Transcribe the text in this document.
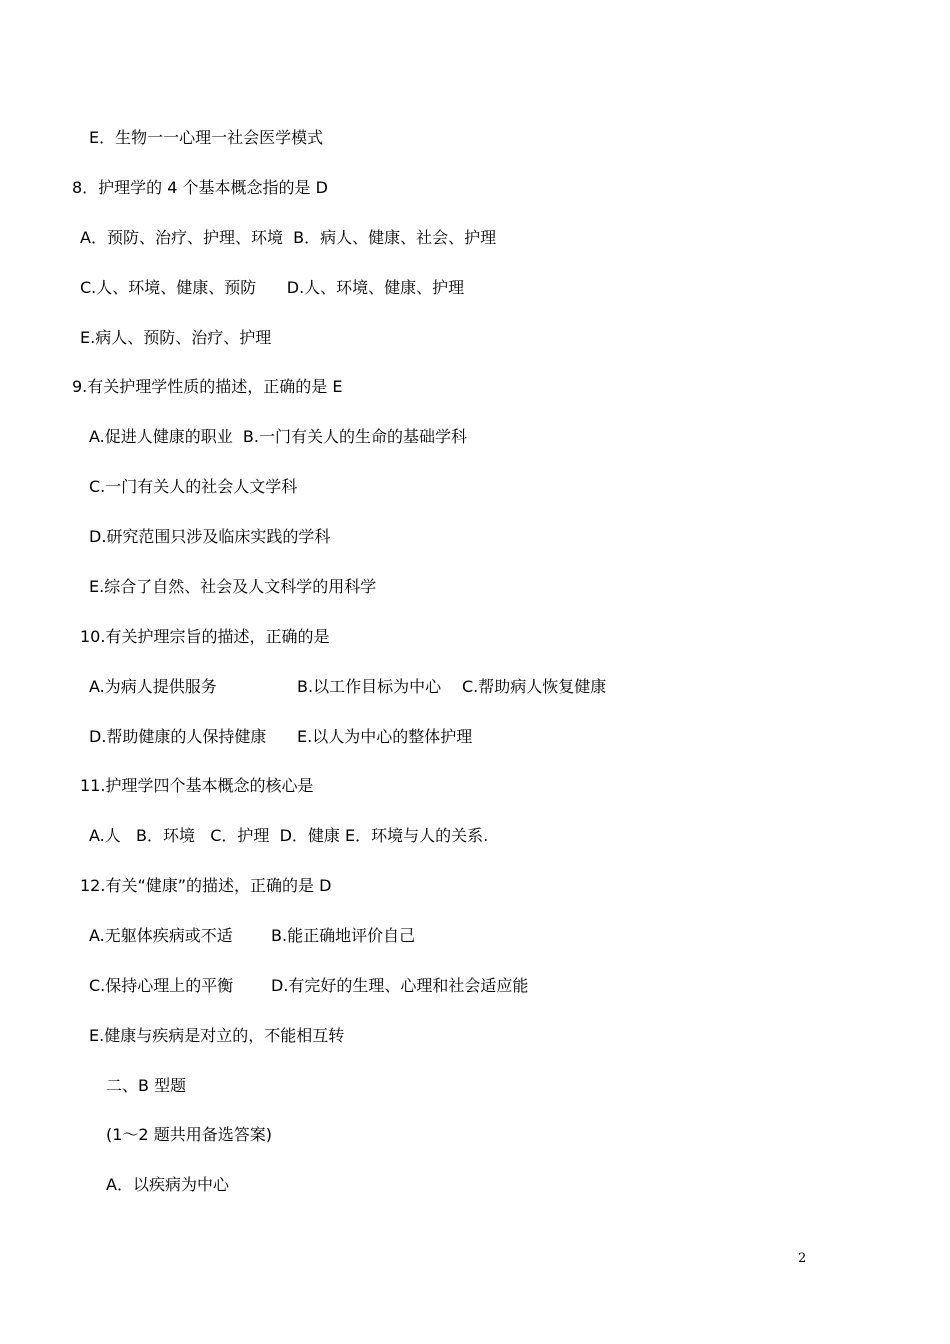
E．生物一一心理一社会医学模式
8．护理学的 4 个基本概念指的是 D
A．预防、治疗、护理、环境  B．病人、健康、社会、护理
C.人、环境、健康、预防      D.人、环境、健康、护理
E.病人、预防、治疗、护理
9.有关护理学性质的描述，正确的是 E
A.促进人健康的职业  B.一门有关人的生命的基础学科
C.一门有关人的社会人文学科
D.研究范围只涉及临床实践的学科
E.综合了自然、社会及人文科学的用科学
10.有关护理宗旨的描述，正确的是
A.为病人提供服务	B.以工作目标为中心 C.帮助病人恢复健康
D.帮助健康的人保持健康 E.以人为中心的整体护理
11.护理学四个基本概念的核心是
A.人   B．环境   C．护理  D．健康 E．环境与人的关系.
12.有关“健康”的描述，正确的是 D
A.无躯体疾病或不适 B.能正确地评价自己
C.保持心理上的平衡 D.有完好的生理、心理和社会适应能
E.健康与疾病是对立的，不能相互转
二、B 型题
(1～2 题共用备选答案)
A．以疾病为中心
2
